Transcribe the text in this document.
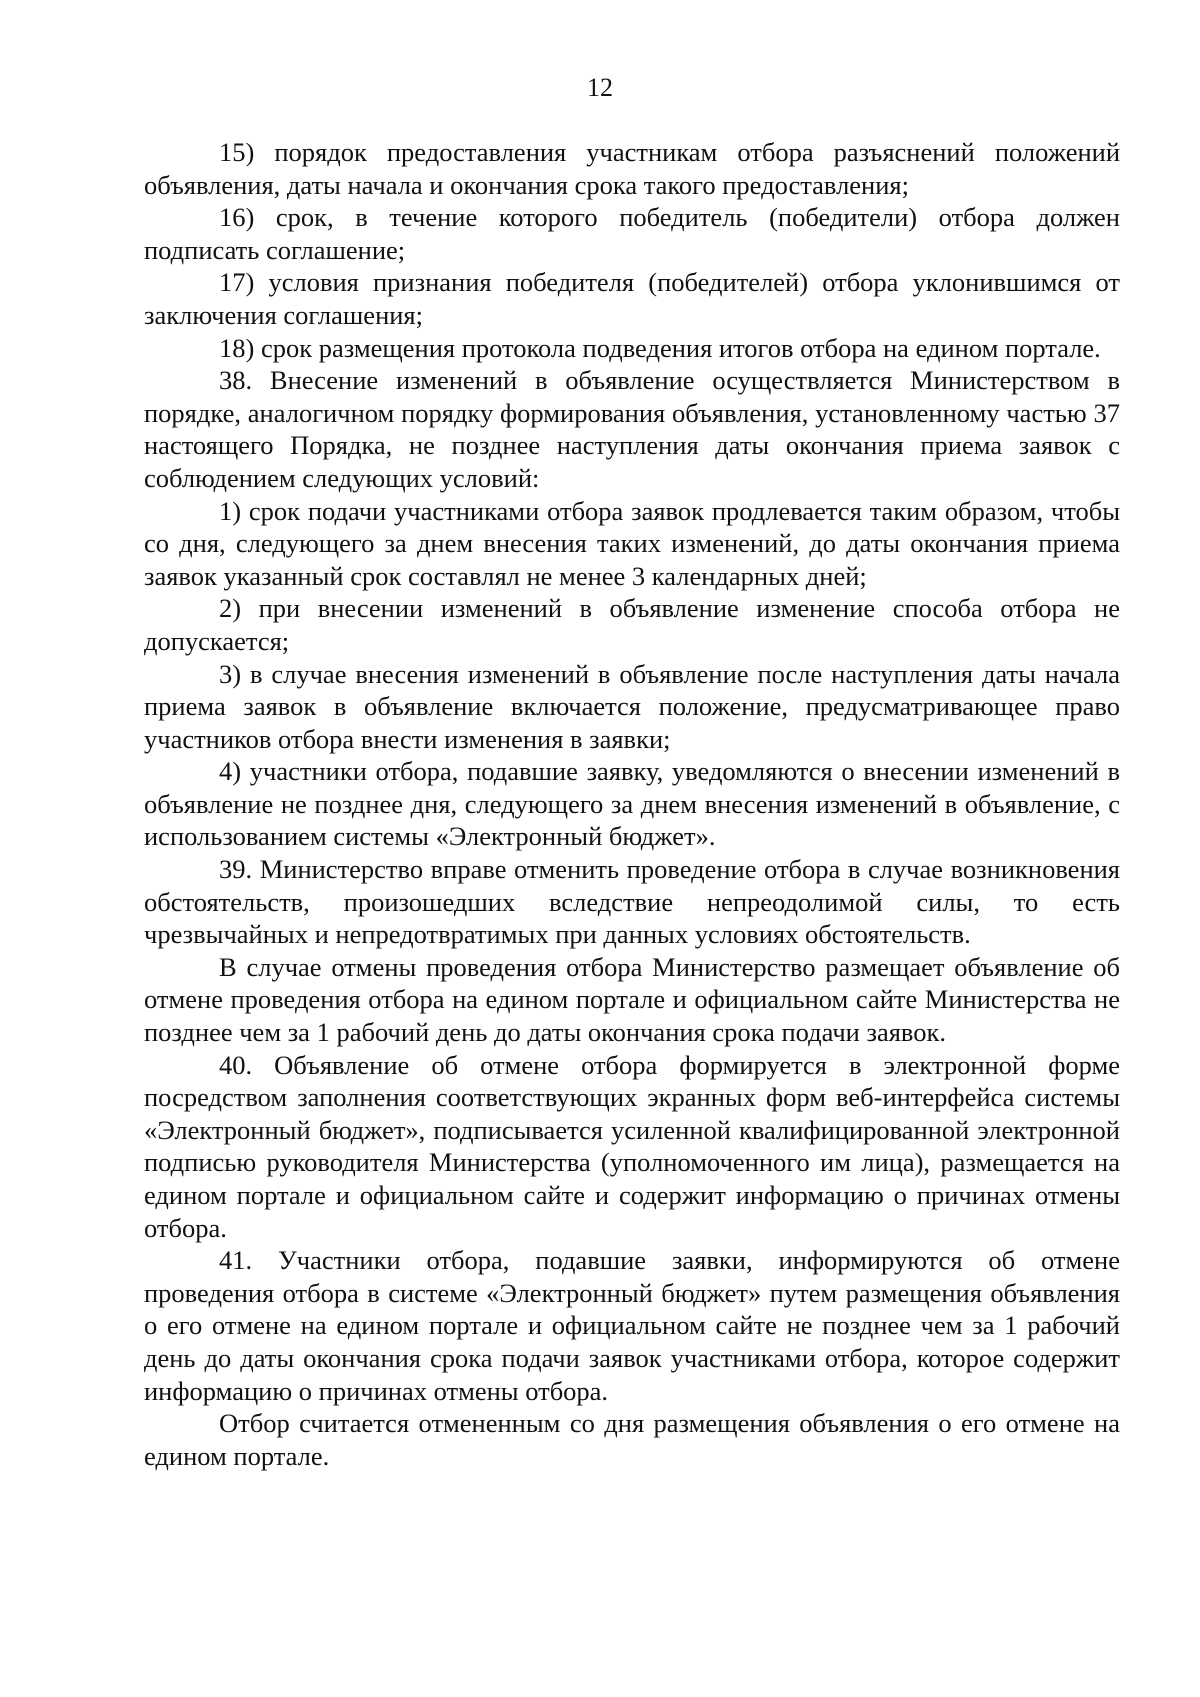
12

15) порядок предоставления участникам отбора разъяснений положений объявления, даты начала и окончания срока такого предоставления;

16) срок, в течение которого победитель (победители) отбора должен подписать соглашение;

17) условия признания победителя (победителей) отбора уклонившимся от заключения соглашения;

18) срок размещения протокола подведения итогов отбора на едином портале.

38. Внесение изменений в объявление осуществляется Министерством в порядке, аналогичном порядку формирования объявления, установленному частью 37 настоящего Порядка, не позднее наступления даты окончания приема заявок с соблюдением следующих условий:

1) срок подачи участниками отбора заявок продлевается таким образом, чтобы со дня, следующего за днем внесения таких изменений, до даты окончания приема заявок указанный срок составлял не менее 3 календарных дней;

2) при внесении изменений в объявление изменение способа отбора не допускается;

3) в случае внесения изменений в объявление после наступления даты начала приема заявок в объявление включается положение, предусматривающее право участников отбора внести изменения в заявки;

4) участники отбора, подавшие заявку, уведомляются о внесении изменений в объявление не позднее дня, следующего за днем внесения изменений в объявление, с использованием системы «Электронный бюджет».

39. Министерство вправе отменить проведение отбора в случае возникновения обстоятельств, произошедших вследствие непреодолимой силы, то есть чрезвычайных и непредотвратимых при данных условиях обстоятельств.

В случае отмены проведения отбора Министерство размещает объявление об отмене проведения отбора на едином портале и официальном сайте Министерства не позднее чем за 1 рабочий день до даты окончания срока подачи заявок.

40. Объявление об отмене отбора формируется в электронной форме посредством заполнения соответствующих экранных форм веб-интерфейса системы «Электронный бюджет», подписывается усиленной квалифицированной электронной подписью руководителя Министерства (уполномоченного им лица), размещается на едином портале и официальном сайте и содержит информацию о причинах отмены отбора.

41. Участники отбора, подавшие заявки, информируются об отмене проведения отбора в системе «Электронный бюджет» путем размещения объявления о его отмене на едином портале и официальном сайте не позднее чем за 1 рабочий день до даты окончания срока подачи заявок участниками отбора, которое содержит информацию о причинах отмены отбора.

Отбор считается отмененным со дня размещения объявления о его отмене на едином портале.
